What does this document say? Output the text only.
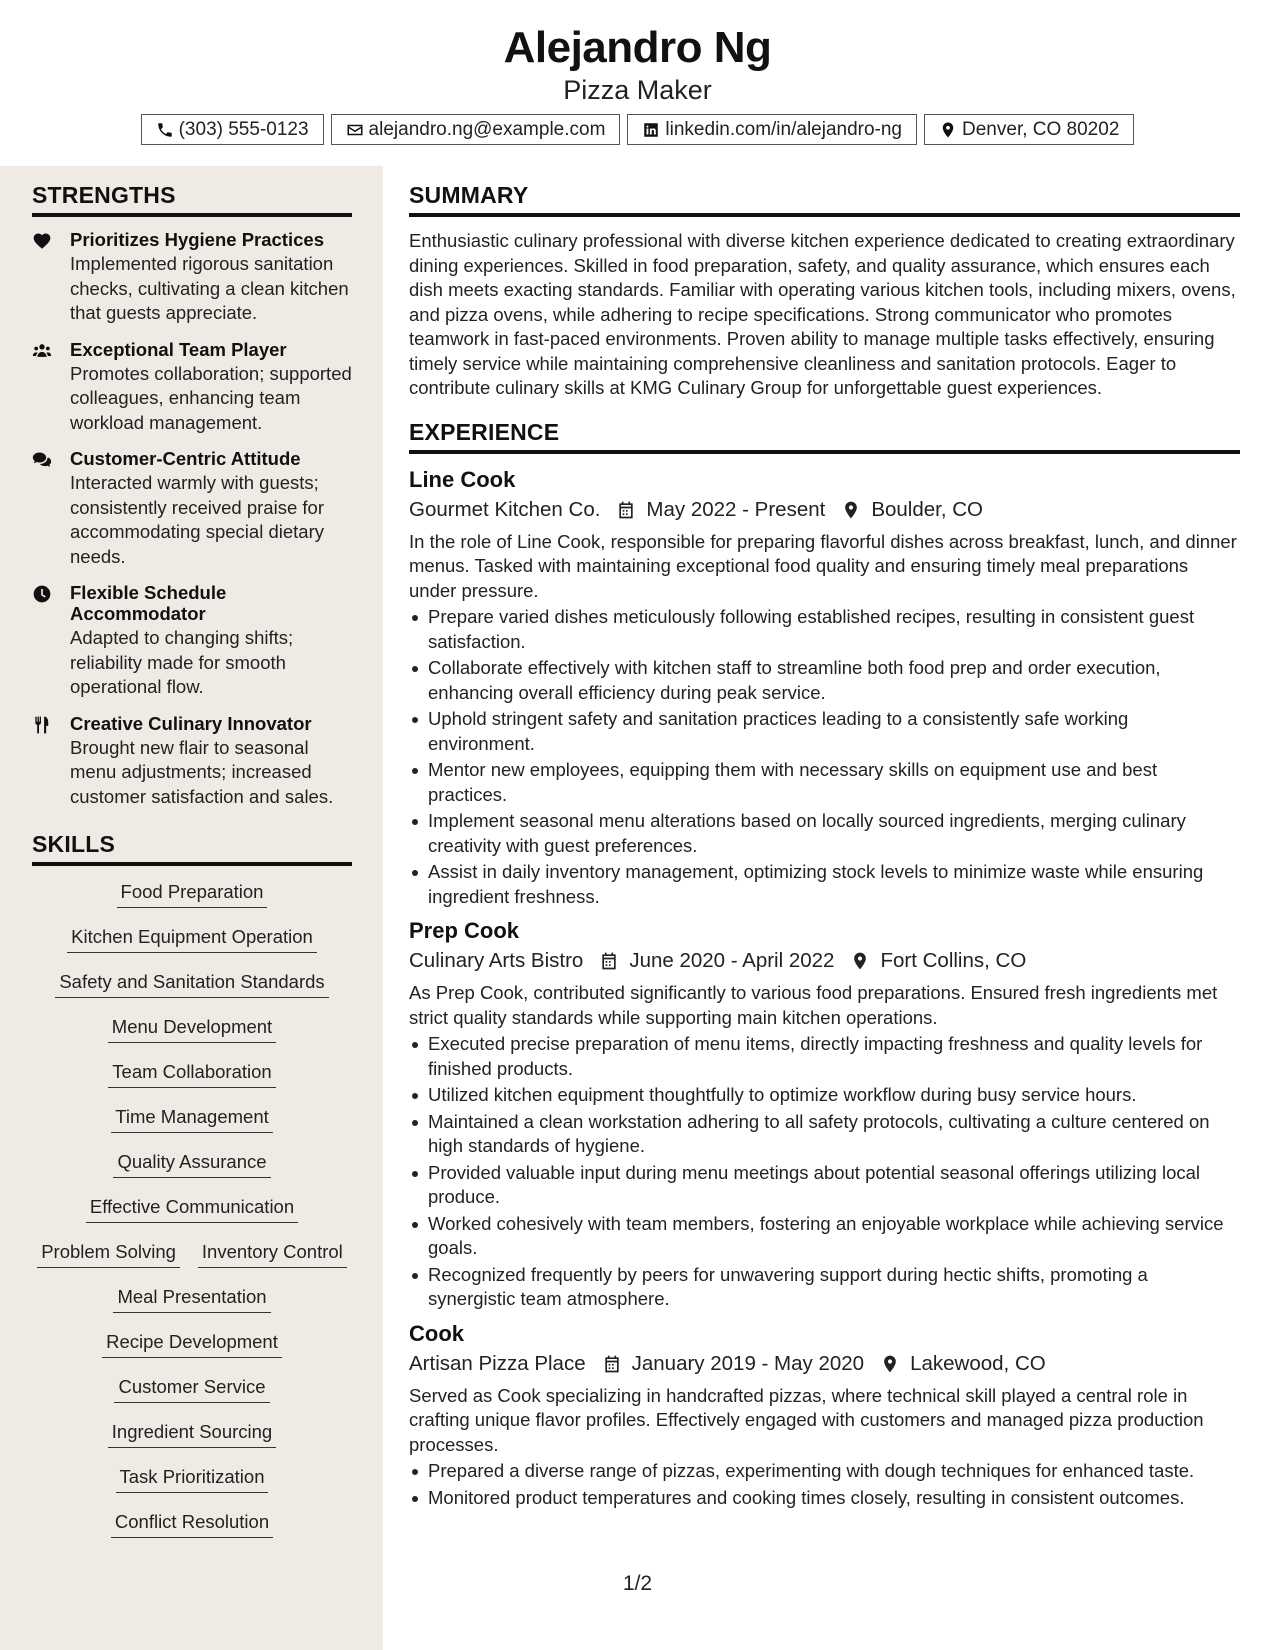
Alejandro Ng
Pizza Maker
(303) 555-0123	alejandro.ng@example.com	linkedin.com/in/alejandro-ng	Denver, CO 80202
STRENGTHS
Prioritizes Hygiene Practices
Implemented rigorous sanitation checks, cultivating a clean kitchen that guests appreciate.
Exceptional Team Player
Promotes collaboration; supported colleagues, enhancing team workload management.
Customer-Centric Attitude
Interacted warmly with guests; consistently received praise for accommodating special dietary needs.
Flexible Schedule Accommodator
Adapted to changing shifts; reliability made for smooth operational flow.
Creative Culinary Innovator
Brought new flair to seasonal menu adjustments; increased customer satisfaction and sales.
SKILLS
Food Preparation
Kitchen Equipment Operation
Safety and Sanitation Standards
Menu Development
Team Collaboration
Time Management
Quality Assurance
Effective Communication
Problem Solving Inventory Control
Meal Presentation
Recipe Development
Customer Service
Ingredient Sourcing
Task Prioritization
Conflict Resolution
SUMMARY
Enthusiastic culinary professional with diverse kitchen experience dedicated to creating extraordinary dining experiences. Skilled in food preparation, safety, and quality assurance, which ensures each dish meets exacting standards. Familiar with operating various kitchen tools, including mixers, ovens, and pizza ovens, while adhering to recipe specifications. Strong communicator who promotes teamwork in fast-paced environments. Proven ability to manage multiple tasks effectively, ensuring timely service while maintaining comprehensive cleanliness and sanitation protocols. Eager to contribute culinary skills at KMG Culinary Group for unforgettable guest experiences.
EXPERIENCE
Line Cook
Gourmet Kitchen Co. May 2022 - Present Boulder, CO
In the role of Line Cook, responsible for preparing flavorful dishes across breakfast, lunch, and dinner menus. Tasked with maintaining exceptional food quality and ensuring timely meal preparations under pressure.
Prepare varied dishes meticulously following established recipes, resulting in consistent guest satisfaction.
Collaborate effectively with kitchen staff to streamline both food prep and order execution, enhancing overall efficiency during peak service.
Uphold stringent safety and sanitation practices leading to a consistently safe working environment.
Mentor new employees, equipping them with necessary skills on equipment use and best practices.
Implement seasonal menu alterations based on locally sourced ingredients, merging culinary creativity with guest preferences.
Assist in daily inventory management, optimizing stock levels to minimize waste while ensuring ingredient freshness.
Prep Cook
Culinary Arts Bistro June 2020 - April 2022 Fort Collins, CO
As Prep Cook, contributed significantly to various food preparations. Ensured fresh ingredients met strict quality standards while supporting main kitchen operations.
Executed precise preparation of menu items, directly impacting freshness and quality levels for finished products.
Utilized kitchen equipment thoughtfully to optimize workflow during busy service hours.
Maintained a clean workstation adhering to all safety protocols, cultivating a culture centered on high standards of hygiene.
Provided valuable input during menu meetings about potential seasonal offerings utilizing local produce.
Worked cohesively with team members, fostering an enjoyable workplace while achieving service goals.
Recognized frequently by peers for unwavering support during hectic shifts, promoting a synergistic team atmosphere.
Cook
Artisan Pizza Place January 2019 - May 2020 Lakewood, CO
Served as Cook specializing in handcrafted pizzas, where technical skill played a central role in crafting unique flavor profiles. Effectively engaged with customers and managed pizza production processes.
Prepared a diverse range of pizzas, experimenting with dough techniques for enhanced taste.
Monitored product temperatures and cooking times closely, resulting in consistent outcomes.
1/2
